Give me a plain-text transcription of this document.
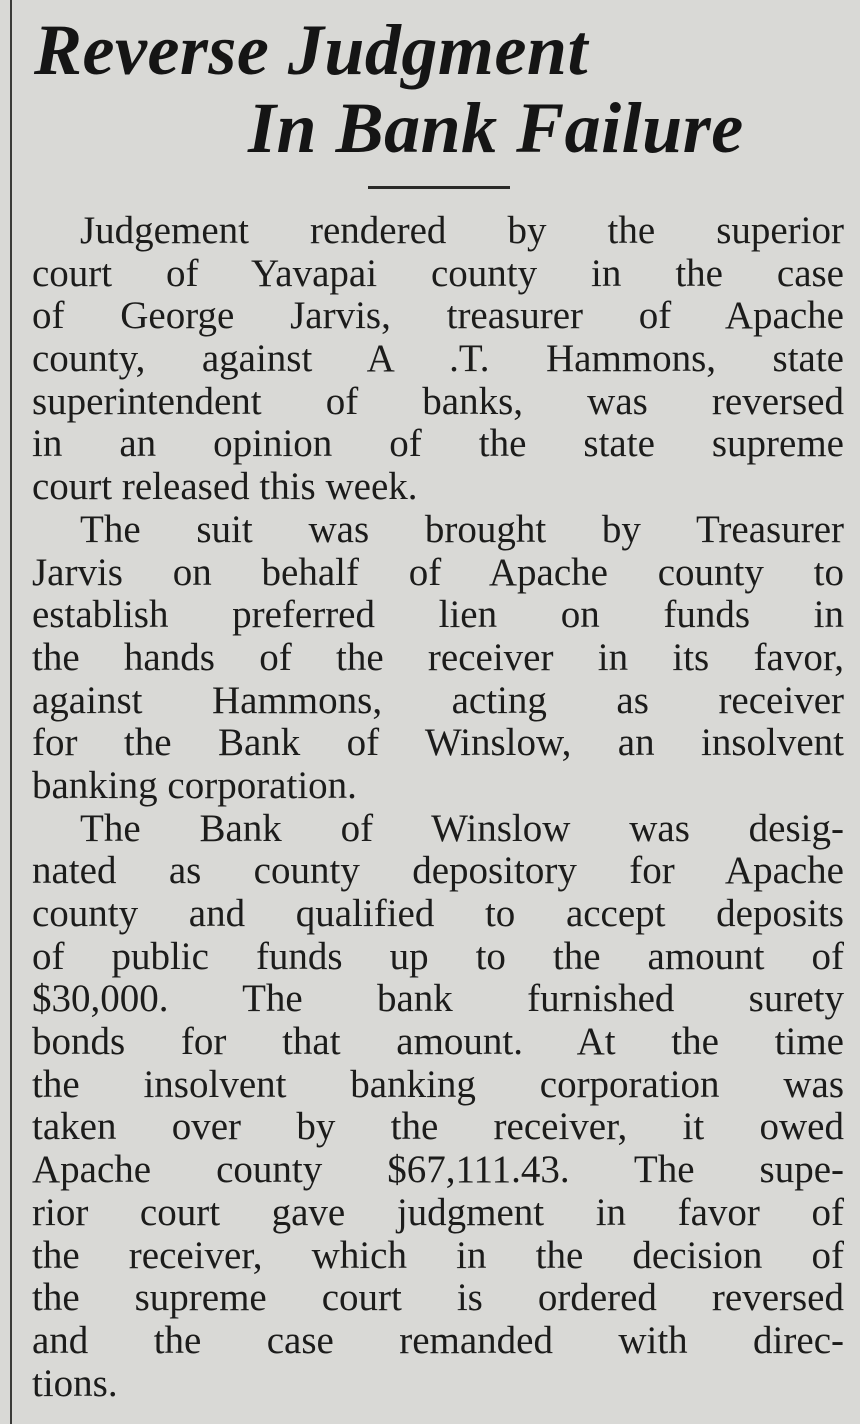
Reverse Judgment
In Bank Failure
Judgement rendered by the superior
court of Yavapai county in the case
of George Jarvis, treasurer of Apache
county, against A .T. Hammons, state
superintendent of banks, was reversed
in an opinion of the state supreme
court released this week.
The suit was brought by Treasurer
Jarvis on behalf of Apache county to
establish preferred lien on funds in
the hands of the receiver in its favor,
against Hammons, acting as receiver
for the Bank of Winslow, an insolvent
banking corporation.
The Bank of Winslow was desig-
nated as county depository for Apache
county and qualified to accept deposits
of public funds up to the amount of
$30,000. The bank furnished surety
bonds for that amount. At the time
the insolvent banking corporation was
taken over by the receiver, it owed
Apache county $67,111.43. The supe-
rior court gave judgment in favor of
the receiver, which in the decision of
the supreme court is ordered reversed
and the case remanded with direc-
tions.
